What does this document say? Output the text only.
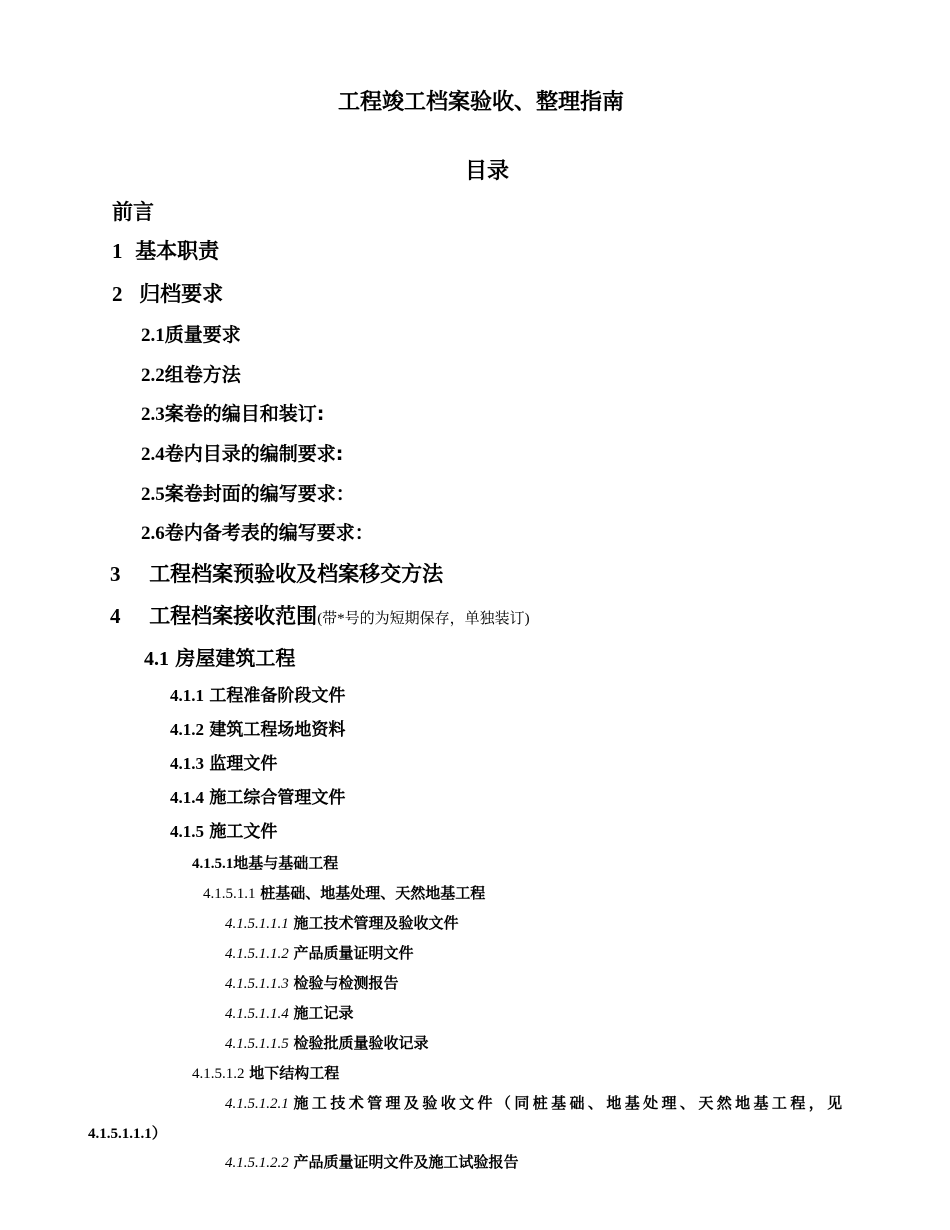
工程竣工档案验收、整理指南
目录
前言
1 基本职责
2 归档要求
2.1质量要求
2.2组卷方法
2.3案卷的编目和装订:
2.4卷内目录的编制要求:
2.5案卷封面的编写要求：
2.6卷内备考表的编写要求：
3 工程档案预验收及档案移交方法
4 工程档案接收范围(带*号的为短期保存，单独装订)
4.1 房屋建筑工程
4.1.1 工程准备阶段文件
4.1.2 建筑工程场地资料
4.1.3 监理文件
4.1.4 施工综合管理文件
4.1.5 施工文件
4.1.5.1地基与基础工程
4.1.5.1.1 桩基础、地基处理、天然地基工程
4.1.5.1.1.1 施工技术管理及验收文件
4.1.5.1.1.2 产品质量证明文件
4.1.5.1.1.3 检验与检测报告
4.1.5.1.1.4 施工记录
4.1.5.1.1.5 检验批质量验收记录
4.1.5.1.2 地下结构工程
4.1.5.1.2.1 施工技术管理及验收文件（同桩基础、地基处理、天然地基工程，见
4.1.5.1.1.1）
4.1.5.1.2.2 产品质量证明文件及施工试验报告
